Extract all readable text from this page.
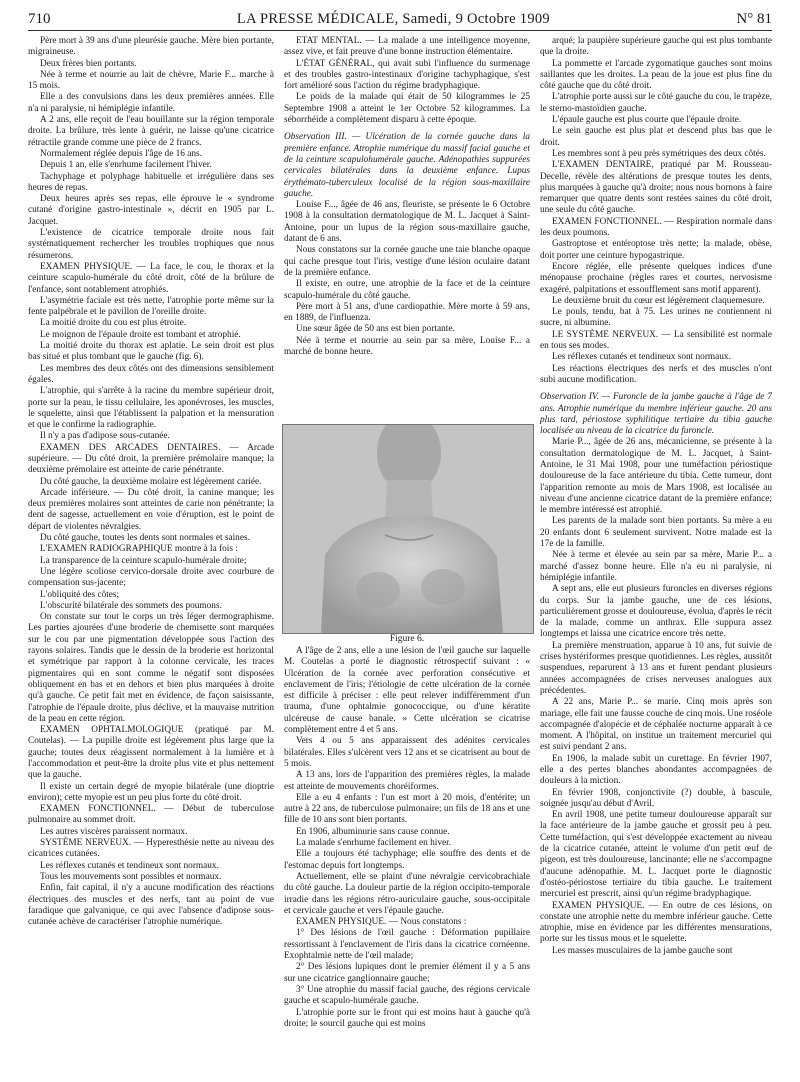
710	LA PRESSE MÉDICALE, Samedi, 9 Octobre 1909	N° 81

Père mort à 39 ans d'une pleurésie gauche. Mère bien portante, migraineuse.

Deux frères bien portants.

Née à terme et nourrie au lait de chèvre, Marie F... marche à 15 mois.

Elle a des convulsions dans les deux premières années. Elle n'a ni paralysie, ni hémiplégie infantile.

A 2 ans, elle reçoit de l'eau bouillante sur la région temporale droite. La brûlure, très lente à guérir, ne laisse qu'une cicatrice rétractile grande comme une pièce de 2 francs.

Normalement réglée depuis l'âge de 16 ans.

Depuis 1 an, elle s'enrhume facilement l'hiver.

Tachyphage et polyphage habituelle et irrégulière dans ses heures de repas.

Deux heures après ses repas, elle éprouve le « syndrome cutané d'origine gastro-intestinale », décrit en 1905 par L. Jacquet.

L'existence de cicatrice temporale droite nous fait systématiquement rechercher les troubles trophiques que nous résumerons.

EXAMEN PHYSIQUE. — La face, le cou, le thorax et la ceinture scapulo-humérale du côté droit, côté de la brûlure de l'enfance, sont notablement atrophiés.

L'asymétrie faciale est très nette, l'atrophie porte même sur la fente palpébrale et le pavillon de l'oreille droite.

La moitié droite du cou est plus étroite.

Le moignon de l'épaule droite est tombant et atrophié.

La moitié droite du thorax est aplatie. Le sein droit est plus bas situé et plus tombant que le gauche (fig. 6).

Les membres des deux côtés ont des dimensions sensiblement égales.

L'atrophie, qui s'arrête à la racine du membre supérieur droit, porte sur la peau, le tissu cellulaire, les aponévroses, les muscles, le squelette, ainsi que l'établissent la palpation et la mensuration et que le confirme la radiographie.

Il n'y a pas d'adipose sous-cutanée.

EXAMEN DES ARCADES DENTAIRES. — Arcade supérieure. — Du côté droit, la première prémolaire manque; la deuxième prémolaire est atteinte de carie pénétrante.

Du côté gauche, la deuxième molaire est légèrement cariée.

Arcade inférieure. — Du côté droit, la canine manque; les deux premières molaires sont atteintes de carie non pénétrante; la dent de sagesse, actuellement en voie d'éruption, est le point de départ de violentes névralgies.

Du côté gauche, toutes les dents sont normales et saines.

L'EXAMEN RADIOGRAPHIQUE montre à la fois :

La transparence de la ceinture scapulo-humérale droite;

Une légère scoliose cervico-dorsale droite avec courbure de compensation sus-jacente;

L'obliquité des côtes;

L'obscurité bilatérale des sommets des poumons.

On constate sur tout le corps un très léger dermographisme. Les parties ajourées d'une broderie de chemisette sont marquées sur le cou par une pigmentation développée sous l'action des rayons solaires. Tandis que le dessin de la broderie est horizontal et symétrique par rapport à la colonne cervicale, les traces pigmentaires qui en sont comme le négatif sont disposées obliquement en bas et en dehors et bien plus marquées à droite qu'à gauche. Ce petit fait met en évidence, de façon saisissante, l'atrophie de l'épaule droite, plus déclive, et la mauvaise nutrition de la peau en cette région.

EXAMEN OPHTALMOLOGIQUE (pratiqué par M. Coutelas). — La pupille droite est légèrement plus large que la gauche; toutes deux réagissent normalement à la lumière et à l'accommodation et peut-être la droite plus vite et plus nettement que la gauche.

Il existe un certain degré de myopie bilatérale (une dioptrie environ); cette myopie est un peu plus forte du côté droit.

EXAMEN FONCTIONNEL. — Début de tuberculose pulmonaire au sommet droit.

Les autres viscères paraissent normaux.

SYSTÈME NERVEUX. — Hyperesthésie nette au niveau des cicatrices cutanées.

Les réflexes cutanés et tendineux sont normaux.

Tous les mouvements sont possibles et normaux.

Enfin, fait capital, il n'y a aucune modification des réactions électriques des muscles et des nerfs, tant au point de vue faradique que galvanique, ce qui avec l'absence d'adipose sous-cutanée achève de caractériser l'atrophie numérique.

ÉTAT MENTAL. — La malade a une intelligence moyenne, assez vive, et fait preuve d'une bonne instruction élémentaire.

L'ÉTAT GÉNÉRAL, qui avait subi l'influence du surmenage et des troubles gastro-intestinaux d'origine tachyphagique, s'est fort amélioré sous l'action du régime bradyphagique.

Le poids de la malade qui était de 50 kilogrammes le 25 Septembre 1908 a atteint le 1er Octobre 52 kilogrammes. La séborrhéide a complètement disparu à cette époque.

Observation III. — Ulcération de la cornée gauche dans la première enfance. Atrophie numérique du massif facial gauche et de la ceinture scapulohumérale gauche. Adénopathies suppurées cervicales bilatérales dans la deuxième enfance. Lupus érythémato-tuberculeux localisé de la région sous-maxillaire gauche.

Louise F..., âgée de 46 ans, fleuriste, se présente le 6 Octobre 1908 à la consultation dermatologique de M. L. Jacquet à Saint-Antoine, pour un lupus de la région sous-maxillaire gauche, datant de 6 ans.

Nous constatons sur la cornée gauche une taie blanche opaque qui cache presque tout l'iris, vestige d'une lésion oculaire datant de la première enfance.

Il existe, en outre, une atrophie de la face et de la ceinture scapulo-humérale du côté gauche.

Père mort à 51 ans, d'une cardiopathie. Mère morte à 59 ans, en 1889, de l'influenza.

Une sœur âgée de 50 ans est bien portante.

Née à terme et nourrie au sein par sa mère, Louise F... a marché de bonne heure.

Figure 6.

A l'âge de 2 ans, elle a une lésion de l'œil gauche sur laquelle M. Coutelas a porté le diagnostic rétrospectif suivant : « Ulcération de la cornée avec perforation consécutive et enclavement de l'iris; l'étiologie de cette ulcération de la cornée est difficile à préciser : elle peut relever indifféremment d'un trauma, d'une ophtalmie gonococcique, ou d'une kératite ulcéreuse de cause banale. » Cette ulcération se cicatrise complètement entre 4 et 5 ans.

Vers 4 ou 5 ans apparaissent des adénites cervicales bilatérales. Elles s'ulcèrent vers 12 ans et se cicatrisent au bout de 5 mois.

A 13 ans, lors de l'apparition des premières règles, la malade est atteinte de mouvements choréiformes.

Elle a eu 4 enfants : l'un est mort à 20 mois, d'entérite; un autre à 22 ans, de tuberculose pulmonaire; un fils de 18 ans et une fille de 10 ans sont bien portants.

En 1906, albuminurie sans cause connue.

La malade s'enrhume facilement en hiver.

Elle a toujours été tachyphage; elle souffre des dents et de l'estomac depuis fort longtemps.

Actuellement, elle se plaint d'une névralgie cervicobrachiale du côté gauche. La douleur partie de la région occipito-temporale irradie dans les régions rétro-auriculaire gauche, sous-occipitale et cervicale gauche et vers l'épaule gauche.

EXAMEN PHYSIQUE. — Nous constatons :

1° Des lésions de l'œil gauche : Déformation pupillaire ressortissant à l'enclavement de l'iris dans la cicatrice cornéenne. Exophtalmie nette de l'œil malade;

2° Des lésions lupiques dont le premier élément il y a 5 ans sur une cicatrice ganglionnaire gauche;

3° Une atrophie du massif facial gauche, des régions cervicale gauche et scapulo-humérale gauche.

L'atrophie porte sur le front qui est moins haut à gauche qu'à droite; le sourcil gauche qui est moins

arqué; la paupière supérieure gauche qui est plus tombante que la droite.

La pommette et l'arcade zygomatique gauches sont moins saillantes que les droites. La peau de la joue est plus fine du côté gauche que du côté droit.

L'atrophie porte aussi sur le côté gauche du cou, le trapèze, le sterno-mastoïdien gauche.

L'épaule gauche est plus courte que l'épaule droite.

Le sein gauche est plus plat et descend plus bas que le droit.

Les membres sont à peu près symétriques des deux côtés.

L'EXAMEN DENTAIRE, pratiqué par M. Rousseau-Decelle, révèle des altérations de presque toutes les dents, plus marquées à gauche qu'à droite; nous nous bornons à faire remarquer que quatre dents sont restées saines du côté droit, une seule du côté gauche.

EXAMEN FONCTIONNEL. — Respiration normale dans les deux poumons.

Gastroptose et entéroptose très nette; la malade, obèse, doit porter une ceinture hypogastrique.

Encore réglée, elle présente quelques indices d'une ménopause prochaine (règles rares et courtes, nervosisme exagéré, palpitations et essoufflement sans motif apparent).

Le deuxième bruit du cœur est légèrement claquemesure.

Le pouls, tendu, bat à 75. Les urines ne contiennent ni sucre, ni albumine.

LE SYSTÈME NERVEUX. — La sensibilité est normale en tous ses modes.

Les réflexes cutanés et tendineux sont normaux.

Les réactions électriques des nerfs et des muscles n'ont subi aucune modification.

Observation IV. — Furoncle de la jambe gauche à l'âge de 7 ans. Atrophie numérique du membre inférieur gauche. 20 ans plus tard, périostose syphilitique tertiaire du tibia gauche localisée au niveau de la cicatrice du furoncle.

Marie P..., âgée de 26 ans, mécanicienne, se présente à la consultation dermatologique de M. L. Jacquet, à Saint-Antoine, le 31 Mai 1908, pour une tuméfaction périostique douloureuse de la face antérieure du tibia. Cette tumeur, dont l'apparition remonte au mois de Mars 1908, est localisée au niveau d'une ancienne cicatrice datant de la première enfance; le membre intéressé est atrophié.

Les parents de la malade sont bien portants. Sa mère a eu 20 enfants dont 6 seulement survivent. Notre malade est la 17e de la famille.

Née à terme et élevée au sein par sa mère, Marie P... a marché d'assez bonne heure. Elle n'a eu ni paralysie, ni hémiplégie infantile.

A sept ans, elle eut plusieurs furoncles en diverses régions du corps. Sur la jambe gauche, une de ces lésions, particulièrement grosse et douloureuse, évolua, d'après le récit de la malade, comme un anthrax. Elle suppura assez longtemps et laissa une cicatrice encore très nette.

La première menstruation, apparue à 10 ans, fut suivie de crises hystériformes presque quotidiennes. Les règles, aussitôt suspendues, reparurent à 13 ans et furent pendant plusieurs années accompagnées de crises nerveuses analogues aux précédentes.

A 22 ans, Marie P... se marie. Cinq mois après son mariage, elle fait une fausse couche de cinq mois. Une roséole accompagnée d'alopécie et de céphalée nocturne apparaît à ce moment. A l'hôpital, on institue un traitement mercuriel qui est suivi pendant 2 ans.

En 1906, la malade subit un curettage. En février 1907, elle a des pertes blanches abondantes accompagnées de douleurs à la miction.

En février 1908, conjonctivite (?) double, à bascule, soignée jusqu'au début d'Avril.

En avril 1908, une petite tumeur douloureuse apparaît sur la face antérieure de la jambe gauche et grossit peu à peu. Cette tuméfaction, qui s'est développée exactement au niveau de la cicatrice cutanée, atteint le volume d'un petit œuf de pigeon, est très douloureuse, lancinante; elle ne s'accompagne d'aucune adénopathie. M. L. Jacquet porte le diagnostic d'ostéo-périostose tertiaire du tibia gauche. Le traitement mercuriel est prescrit, ainsi qu'un régime bradyphagique.

EXAMEN PHYSIQUE. — En outre de ces lésions, on constate une atrophie nette du membre inférieur gauche. Cette atrophie, mise en évidence par les différentes mensurations, porte sur les tissus mous et le squelette.

Les masses musculaires de la jambe gauche sont
